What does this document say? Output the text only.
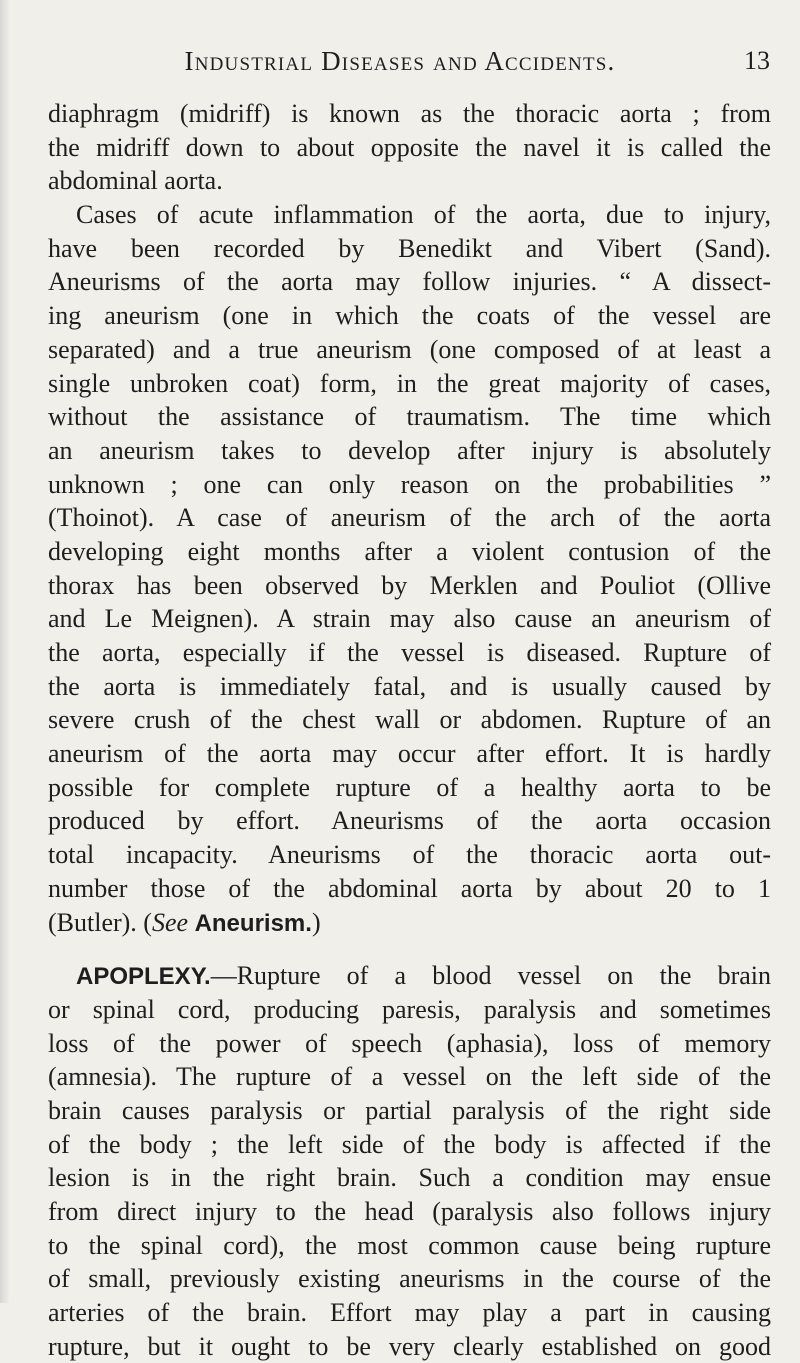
Industrial Diseases and Accidents.	13
diaphragm (midriff) is known as the thoracic aorta ; from
the midriff down to about opposite the navel it is called the
abdominal aorta.
Cases of acute inflammation of the aorta, due to injury,
have been recorded by Benedikt and Vibert (Sand).
Aneurisms of the aorta may follow injuries. “ A dissect-
ing aneurism (one in which the coats of the vessel are
separated) and a true aneurism (one composed of at least a
single unbroken coat) form, in the great majority of cases,
without the assistance of traumatism. The time which
an aneurism takes to develop after injury is absolutely
unknown ; one can only reason on the probabilities ”
(Thoinot). A case of aneurism of the arch of the aorta
developing eight months after a violent contusion of the
thorax has been observed by Merklen and Pouliot (Ollive
and Le Meignen). A strain may also cause an aneurism of
the aorta, especially if the vessel is diseased. Rupture of
the aorta is immediately fatal, and is usually caused by
severe crush of the chest wall or abdomen. Rupture of an
aneurism of the aorta may occur after effort. It is hardly
possible for complete rupture of a healthy aorta to be
produced by effort. Aneurisms of the aorta occasion
total incapacity. Aneurisms of the thoracic aorta out-
number those of the abdominal aorta by about 20 to 1
(Butler). (See Aneurism.)
APOPLEXY.—Rupture of a blood vessel on the brain
or spinal cord, producing paresis, paralysis and sometimes
loss of the power of speech (aphasia), loss of memory
(amnesia). The rupture of a vessel on the left side of the
brain causes paralysis or partial paralysis of the right side
of the body ; the left side of the body is affected if the
lesion is in the right brain. Such a condition may ensue
from direct injury to the head (paralysis also follows injury
to the spinal cord), the most common cause being rupture
of small, previously existing aneurisms in the course of the
arteries of the brain. Effort may play a part in causing
rupture, but it ought to be very clearly established on good
